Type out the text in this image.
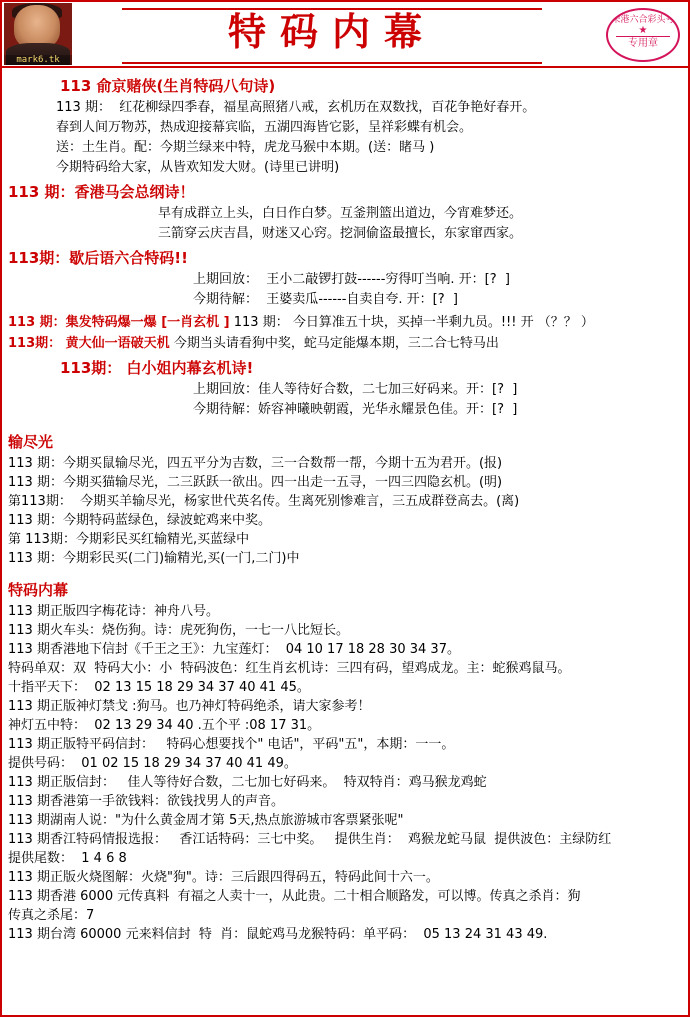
mark6.tk
特码内幕	荣港六合彩头号
★
专用章
113 俞京赌侠(生肖特码八句诗)
113 期：  红花柳绿四季春，福星高照猪八戒，玄机历在双数找，百花争艳好春开。
春到人间万物苏，热成迎接幕宾临，五湖四海皆它影，呈祥彩蝶有机会。
送：土生肖。配：今期兰绿来中特，虎龙马猴中本期。(送：睹马 )
今期特码给大家，从皆欢知发大财。(诗里已讲明)
113 期：香港马会总纲诗！
早有成群立上头，白日作白梦。互釜荆篮出道边，今宵难梦还。
三箭穿云庆吉昌，财迷又心窍。挖洞偷盗最擅长，东家窜西家。
113期：歇后语六合特码!!
上期回放：  王小二敲锣打鼓------穷得叮当响. 开：[?  ]
今期待解：  王婆卖瓜------自卖自夸. 开：[?  ]
113 期：集发特码爆一爆 [一肖玄机 ] 113 期： 今日算准五十块，买掉一半剩九员。!!! 开 （？？ ）
113期： 黄大仙一语破天机 今期当头请看狗中奖，蛇马定能爆本期，三二合七特马出
113期： 白小姐内幕玄机诗!
上期回放：佳人等待好合数，二七加三好码来。开：[?  ]
今期待解：娇容神曦映朝霞，光华永耀景色佳。开：[?  ]
输尽光
113 期：今期买鼠输尽光，四五平分为吉数，三一合数帮一帮，今期十五为君开。(报)
113 期：今期买猫输尽光，二三跃跃一欲出。四一出走一五寻，一四三四隐玄机。(明)
第113期：  今期买羊输尽光，杨家世代英名传。生离死别惨难言，三五成群登高去。(离)
113 期：今期特码蓝绿色，绿波蛇鸡来中奖。
第 113期：今期彩民买红输精光,买蓝绿中
113 期：今期彩民买(二门)输精光,买(一门,二门)中
特码内幕
113 期正版四字梅花诗：神舟八号。
113 期火车头：烧伤狗。诗：虎死狗伤，一七一八比短长。
113 期香港地下信封《千王之王》：九宝莲灯：  04 10 17 18 28 30 34 37。
特码单双：双  特码大小：小  特码波色：红生肖玄机诗：三四有码，望鸡成龙。主：蛇猴鸡鼠马。
十指平天下：  02 13 15 18 29 34 37 40 41 45。
113 期正版神灯禁戈 :狗马。也乃神灯特码绝杀，请大家参考！
神灯五中特：  02 13 29 34 40 .五个平 :08 17 31。
113 期正版特平码信封：   特码心想要找个" 电话"，平码"五"，本期：一一。
提供号码：  01 02 15 18 29 34 37 40 41 49。
113 期正版信封：   佳人等待好合数，二七加七好码来。  特双特肖：鸡马猴龙鸡蛇
113 期香港第一手欲钱料：欲钱找男人的声音。
113 期湖南人说："为什么黄金周才第 5天,热点旅游城市客票紧张呢"
113 期香江特码情报选报：   香江话特码：三七中奖。   提供生肖：  鸡猴龙蛇马鼠  提供波色：主绿防红
提供尾数：  1 4 6 8
113 期正版火烧图解：火烧"狗"。诗：三后跟四得码五，特码此间十六一。
113 期香港 6000 元传真料  有福之人卖十一，从此贵。二十相合顺路发，可以博。传真之杀肖：狗
传真之杀尾：7
113 期台湾 60000 元来料信封  特  肖：鼠蛇鸡马龙猴特码：单平码：  05 13 24 31 43 49.
